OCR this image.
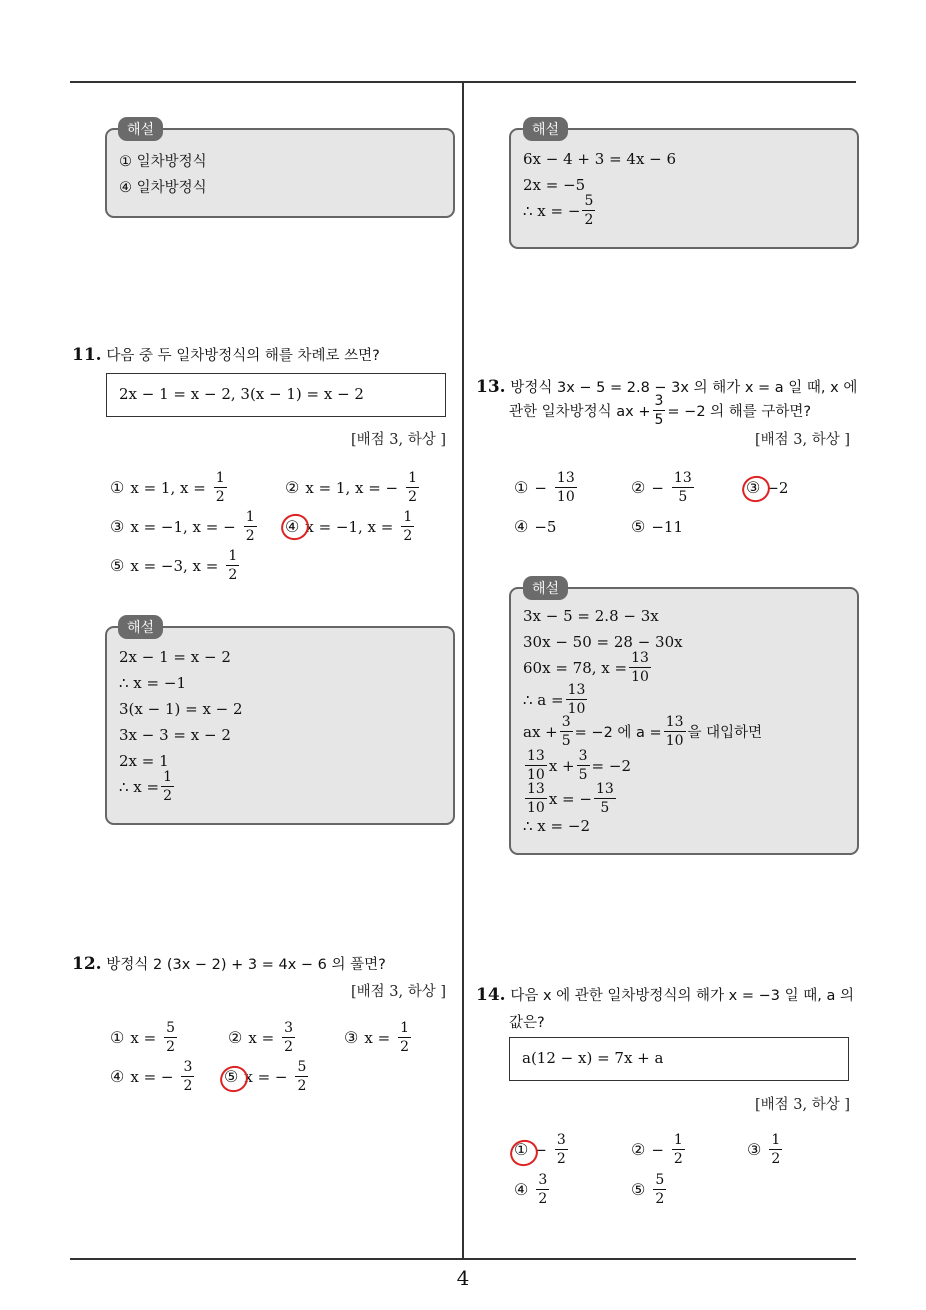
4
① 일차방정식
④ 일차방정식
해설
6x − 4 + 3 = 4x − 6
2x = −5
∴ x = − $\frac{5}{2}$
해설
11. 다음 중 두 일차방정식의 해를 차례로 쓰면?
2x − 1 = x − 2, 3(x − 1) = x − 2
[배점 3, 하상 ]
① x = 1, $x = \frac{1}{2}$	② x = 1, x = − $\frac{1}{2}$
③ x = −1, x = − $\frac{1}{2}$ ④ x = −1, $x = \frac{1}{2}$
⑤ x = −3, $x = \frac{1}{2}$
2x − 1 = x − 2
∴ x = −1
3(x − 1) = x − 2
3x − 3 = x − 2
2x = 1
∴ $x = \frac{1}{2}$
해설
12. 방정식 2 (3x − 2) + 3 = 4x − 6 의 풀면?
[배점 3, 하상 ]
① $x = \frac{5}{2}$	② $x = \frac{3}{2}$	③ $x = \frac{1}{2}$
④ x = − $\frac{3}{2}$ ⑤ x = − $\frac{5}{2}$
13. 방정식 3x − 5 = 2.8 − 3x 의 해가 x = a 일 때, x 에
관한 일차방정식 ax + $\frac{3}{5} = -2$ 의 해를 구하면?
[배점 3, 하상 ]
① − $\frac{13}{10}$	② − $\frac{13}{5}$	③ −2
④ −5	⑤ −11
3x − 5 = 2.8 − 3x
30x − 50 = 28 − 30x
60x = 78, $x = \frac{13}{10}$
∴ $a = \frac{13}{10}$
ax + $\frac{3}{5} = -2$ 에 $a = \frac{13}{10}$ 을 대입하면
$\frac{13}{10}$ $x + \frac{3}{5} = -2$
$\frac{13}{10}$ x = − $\frac{13}{5}$
∴ x = −2
해설
14. 다음 x 에 관한 일차방정식의 해가 x = −3 일 때, a 의
값은?
a(12 − x) = 7x + a
[배점 3, 하상 ]
① − $\frac{3}{2}$	② − $\frac{1}{2}$	③ $\frac{1}{2}$
④ $\frac{3}{2}$	⑤ $\frac{5}{2}$
